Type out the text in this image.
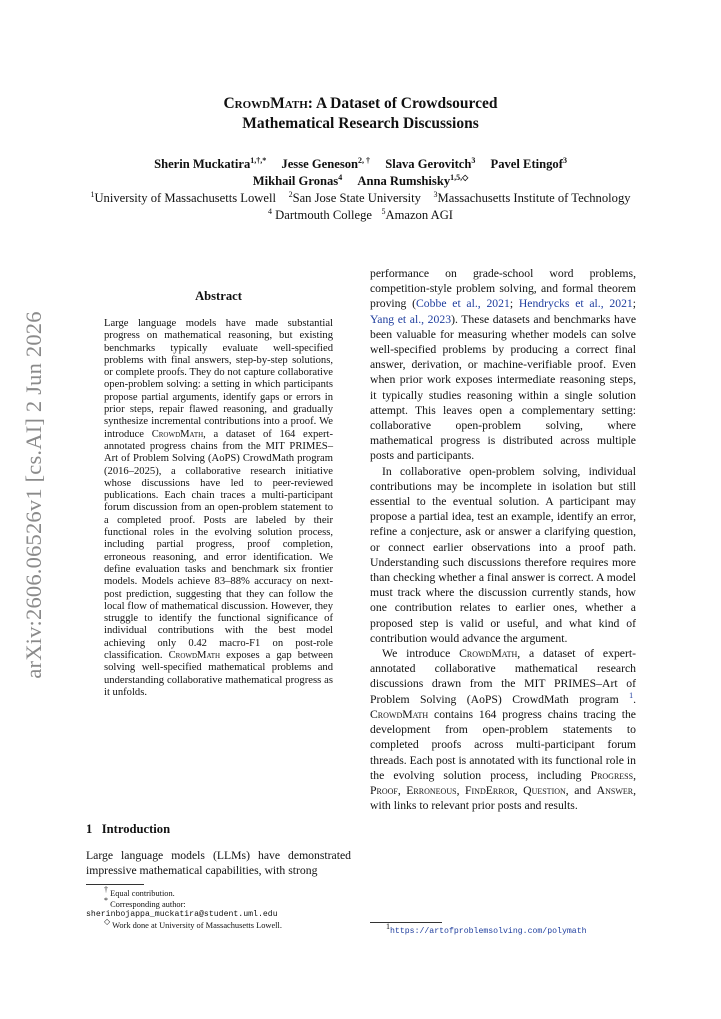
arXiv:2606.06526v1 [cs.AI] 2 Jun 2026
CrowdMath: A Dataset of Crowdsourced
Mathematical Research Discussions
Sherin Muckatira$^{1,\dagger,*}$ Jesse Geneson$^{2, \dagger}$ Slava Gerovitch$^3$ Pavel Etingof$^3$
Mikhail Gronas$^4$ Anna Rumshisky$^{1,5,◇}$
$^1$University of Massachusetts Lowell $^2$San Jose State University $^3$Massachusetts Institute of Technology
$^4$ Dartmouth College $^5$Amazon AGI
Abstract
Large language models have made substantial progress on mathematical reasoning, but existing benchmarks typically evaluate well-specified problems with final answers, step-by-step solutions, or complete proofs. They do not capture collaborative open-problem solving: a setting in which participants propose partial arguments, identify gaps or errors in prior steps, repair flawed reasoning, and gradually synthesize incremental contributions into a proof. We introduce CrowdMath, a dataset of 164 expert-annotated progress chains from the MIT PRIMES–Art of Problem Solving (AoPS) CrowdMath program (2016–2025), a collaborative research initiative whose discussions have led to peer-reviewed publications. Each chain traces a multi-participant forum discussion from an open-problem statement to a completed proof. Posts are labeled by their functional roles in the evolving solution process, including partial progress, proof completion, erroneous reasoning, and error identification. We define evaluation tasks and benchmark six frontier models. Models achieve 83–88% accuracy on next-post prediction, suggesting that they can follow the local flow of mathematical discussion. However, they struggle to identify the functional significance of individual contributions with the best model achieving only 0.42 macro-F1 on post-role classification. CrowdMath exposes a gap between solving well-specified mathematical problems and understanding collaborative mathematical progress as it unfolds.
1 Introduction
Large language models (LLMs) have demonstrated impressive mathematical capabilities, with strong
† Equal contribution.
* Corresponding author:
sherinbojappa_muckatira@student.uml.edu
◇ Work done at University of Massachusetts Lowell.

performance on grade-school word problems, competition-style problem solving, and formal theorem proving (Cobbe et al., 2021; Hendrycks et al., 2021; Yang et al., 2023). These datasets and benchmarks have been valuable for measuring whether models can solve well-specified problems by producing a correct final answer, derivation, or machine-verifiable proof. Even when prior work exposes intermediate reasoning steps, it typically studies reasoning within a single solution attempt. This leaves open a complementary setting: collaborative open-problem solving, where mathematical progress is distributed across multiple posts and participants.

In collaborative open-problem solving, individual contributions may be incomplete in isolation but still essential to the eventual solution. A participant may propose a partial idea, test an example, identify an error, refine a conjecture, ask or answer a clarifying question, or connect earlier observations into a proof path. Understanding such discussions therefore requires more than checking whether a final answer is correct. A model must track where the discussion currently stands, how one contribution relates to earlier ones, whether a proposed step is valid or useful, and what kind of contribution would advance the argument.

We introduce CrowdMath, a dataset of expert-annotated collaborative mathematical research discussions drawn from the MIT PRIMES–Art of Problem Solving (AoPS) CrowdMath program $^1$. CrowdMath contains 164 progress chains tracing the development from open-problem statements to completed proofs across multi-participant forum threads. Each post is annotated with its functional role in the evolving solution process, including Progress, Proof, Erroneous, FindError, Question, and Answer, with links to relevant prior posts and results.

$^1$https://artofproblemsolving.com/polymath
